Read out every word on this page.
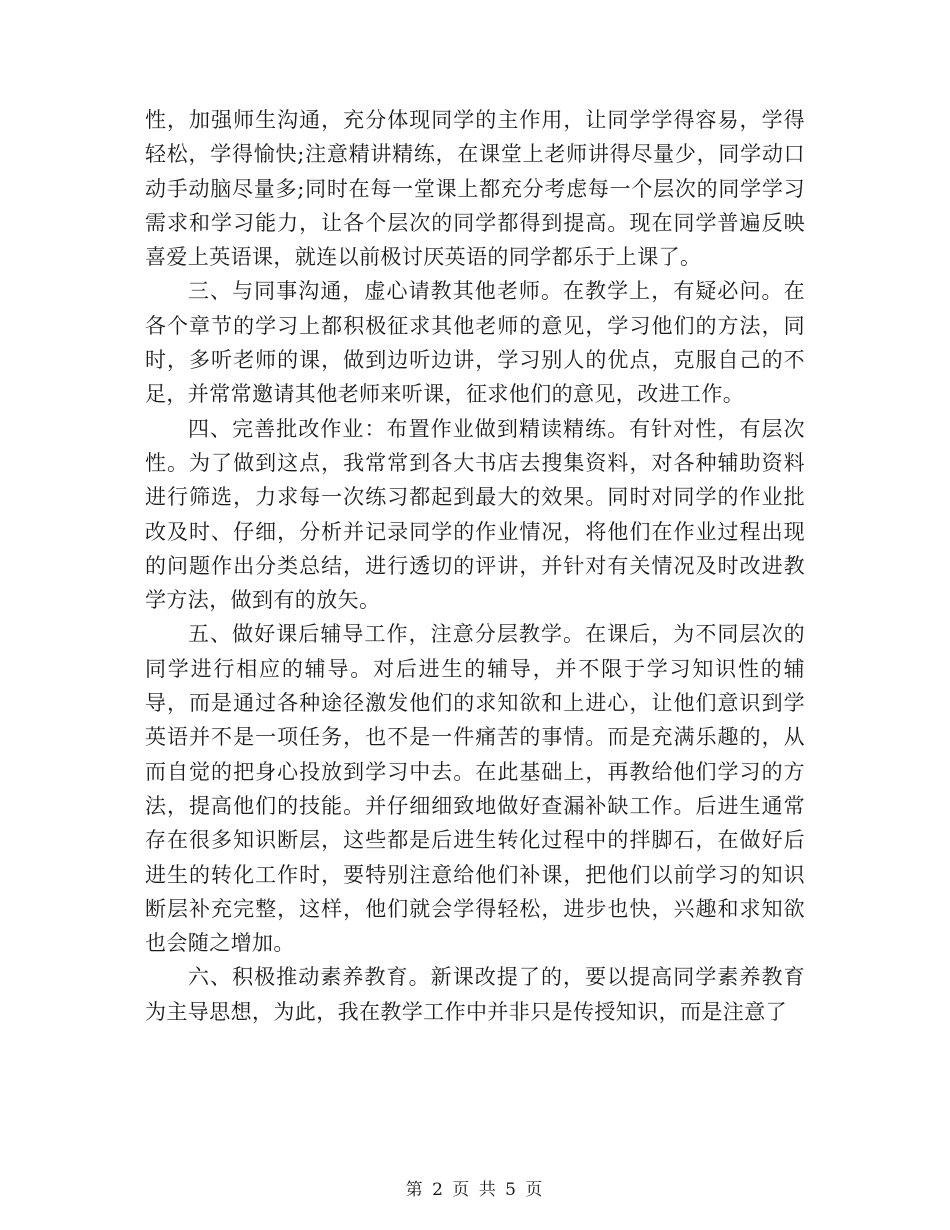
性，加强师生沟通，充分体现同学的主作用，让同学学得容易，学得轻松，学得愉快;注意精讲精练，在课堂上老师讲得尽量少，同学动口动手动脑尽量多;同时在每一堂课上都充分考虑每一个层次的同学学习需求和学习能力，让各个层次的同学都得到提高。现在同学普遍反映喜爱上英语课，就连以前极讨厌英语的同学都乐于上课了。

三、与同事沟通，虚心请教其他老师。在教学上，有疑必问。在各个章节的学习上都积极征求其他老师的意见，学习他们的方法，同时，多听老师的课，做到边听边讲，学习别人的优点，克服自己的不足，并常常邀请其他老师来听课，征求他们的意见，改进工作。

四、完善批改作业：布置作业做到精读精练。有针对性，有层次性。为了做到这点，我常常到各大书店去搜集资料，对各种辅助资料进行筛选，力求每一次练习都起到最大的效果。同时对同学的作业批改及时、仔细，分析并记录同学的作业情况，将他们在作业过程出现的问题作出分类总结，进行透切的评讲，并针对有关情况及时改进教学方法，做到有的放矢。

五、做好课后辅导工作，注意分层教学。在课后，为不同层次的同学进行相应的辅导。对后进生的辅导，并不限于学习知识性的辅导，而是通过各种途径激发他们的求知欲和上进心，让他们意识到学英语并不是一项任务，也不是一件痛苦的事情。而是充满乐趣的，从而自觉的把身心投放到学习中去。在此基础上，再教给他们学习的方法，提高他们的技能。并仔细细致地做好查漏补缺工作。后进生通常存在很多知识断层，这些都是后进生转化过程中的拌脚石，在做好后进生的转化工作时，要特别注意给他们补课，把他们以前学习的知识断层补充完整，这样，他们就会学得轻松，进步也快，兴趣和求知欲也会随之增加。

六、积极推动素养教育。新课改提了的，要以提高同学素养教育为主导思想，为此，我在教学工作中并非只是传授知识，而是注意了

第 2 页 共 5 页
